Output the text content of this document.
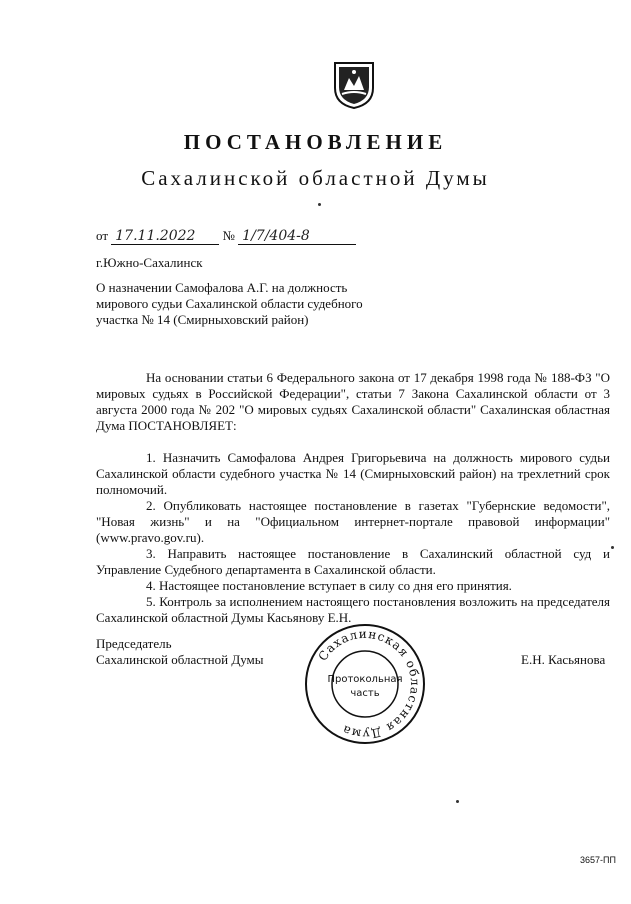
ПОСТАНОВЛЕНИЕ
Сахалинской областной Думы
от 17.11.2022 № 1/7/404-8
г.Южно-Сахалинск
О назначении Самофалова А.Г. на должность мирового судьи Сахалинской области судебного участка № 14 (Смирныховский район)

На основании статьи 6 Федерального закона от 17 декабря 1998 года № 188-ФЗ "О мировых судьях в Российской Федерации", статьи 7 Закона Сахалинской области от 3 августа 2000 года № 202 "О мировых судьях Сахалинской области" Сахалинская областная Дума ПОСТАНОВЛЯЕТ:

1. Назначить Самофалова Андрея Григорьевича на должность мирового судьи Сахалинской области судебного участка № 14 (Смирныховский район) на трехлетний срок полномочий.

2. Опубликовать настоящее постановление в газетах "Губернские ведомости", "Новая жизнь" и на "Официальном интернет-портале правовой информации" (www.pravo.gov.ru).

3. Направить настоящее постановление в Сахалинский областной суд и Управление Судебного департамента в Сахалинской области.

4. Настоящее постановление вступает в силу со дня его принятия.

5. Контроль за исполнением настоящего постановления возложить на председателя Сахалинской областной Думы Касьянову Е.Н.

Председатель
Сахалинской областной Думы	Е.Н. Касьянова
Сахалинская областная Дума
Протокольная
часть
3657-ПП
